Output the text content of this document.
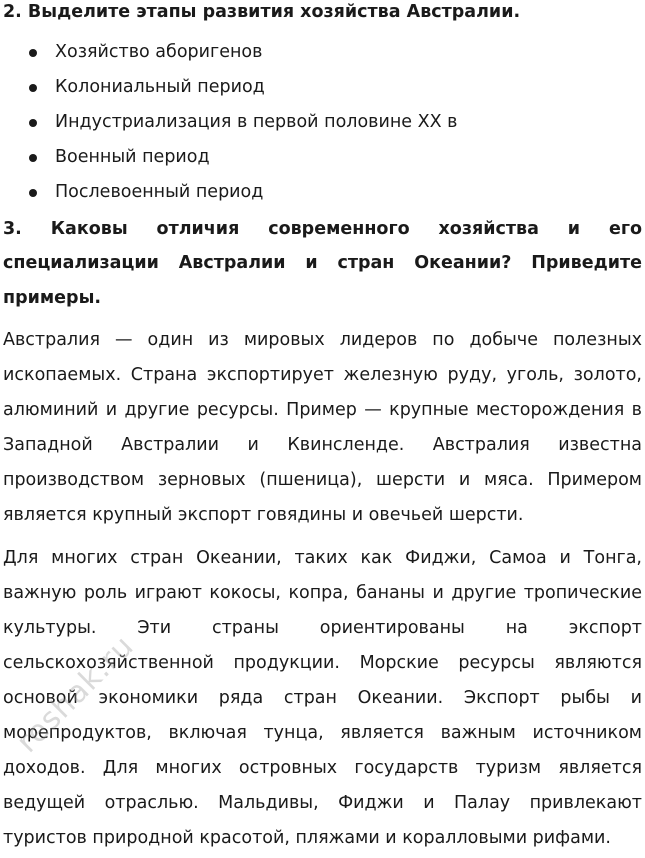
2. Выделите этапы развития хозяйства Австралии.

Хозяйство аборигенов
Колониальный период
Индустриализация в первой половине XX в
Военный период
Послевоенный период

3. Каковы отличия современного хозяйства и его специализации Австралии и стран Океании? Приведите примеры.

Австралия — один из мировых лидеров по добыче полезных ископаемых. Страна экспортирует железную руду, уголь, золото, алюминий и другие ресурсы. Пример — крупные месторождения в Западной Австралии и Квинсленде. Австралия известна производством зерновых (пшеница), шерсти и мяса. Примером является крупный экспорт говядины и овечьей шерсти.

Для многих стран Океании, таких как Фиджи, Самоа и Тонга, важную роль играют кокосы, копра, бананы и другие тропические культуры. Эти страны ориентированы на экспорт сельскохозяйственной продукции. Морские ресурсы являются основой экономики ряда стран Океании. Экспорт рыбы и морепродуктов, включая тунца, является важным источником доходов. Для многих островных государств туризм является ведущей отраслью. Мальдивы, Фиджи и Палау привлекают туристов природной красотой, пляжами и коралловыми рифами.

reshak.ru
